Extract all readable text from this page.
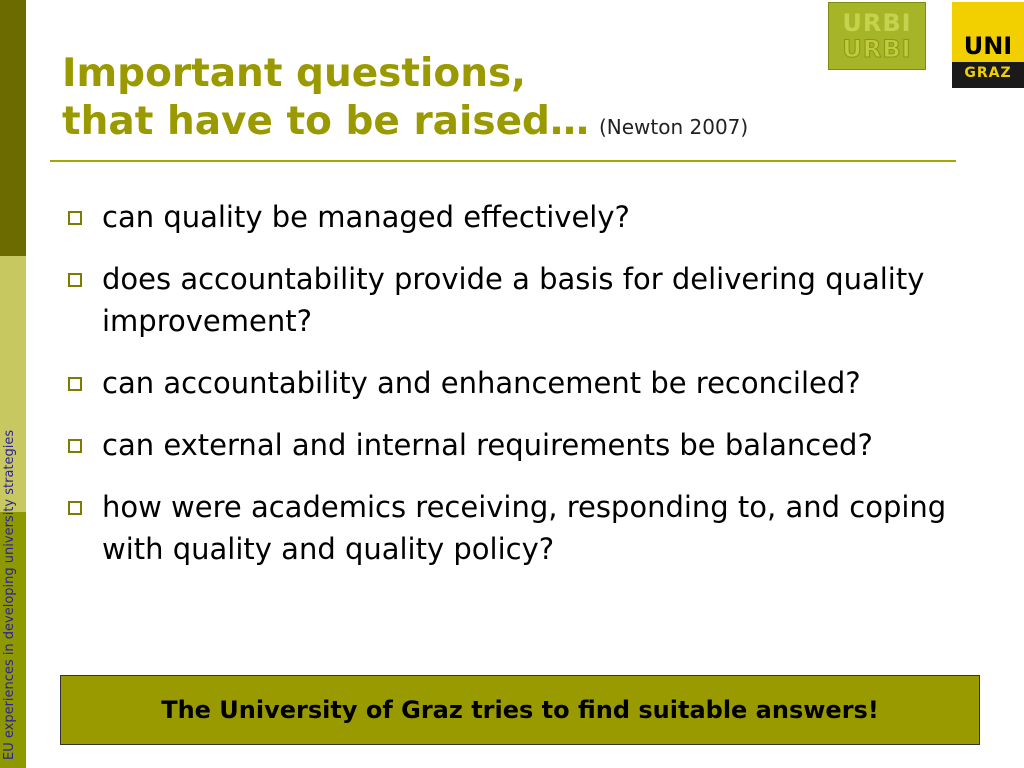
EU experiences in developing university strategies
URBI
URBI	UNI
GRAZ
Important questions,
that have to be raised… (Newton 2007)
can quality be managed effectively?
does accountability provide a basis for delivering quality improvement?
can accountability and enhancement be reconciled?
can external and internal requirements be balanced?
how were academics receiving, responding to, and coping with quality and quality policy?
The University of Graz tries to find suitable answers!
